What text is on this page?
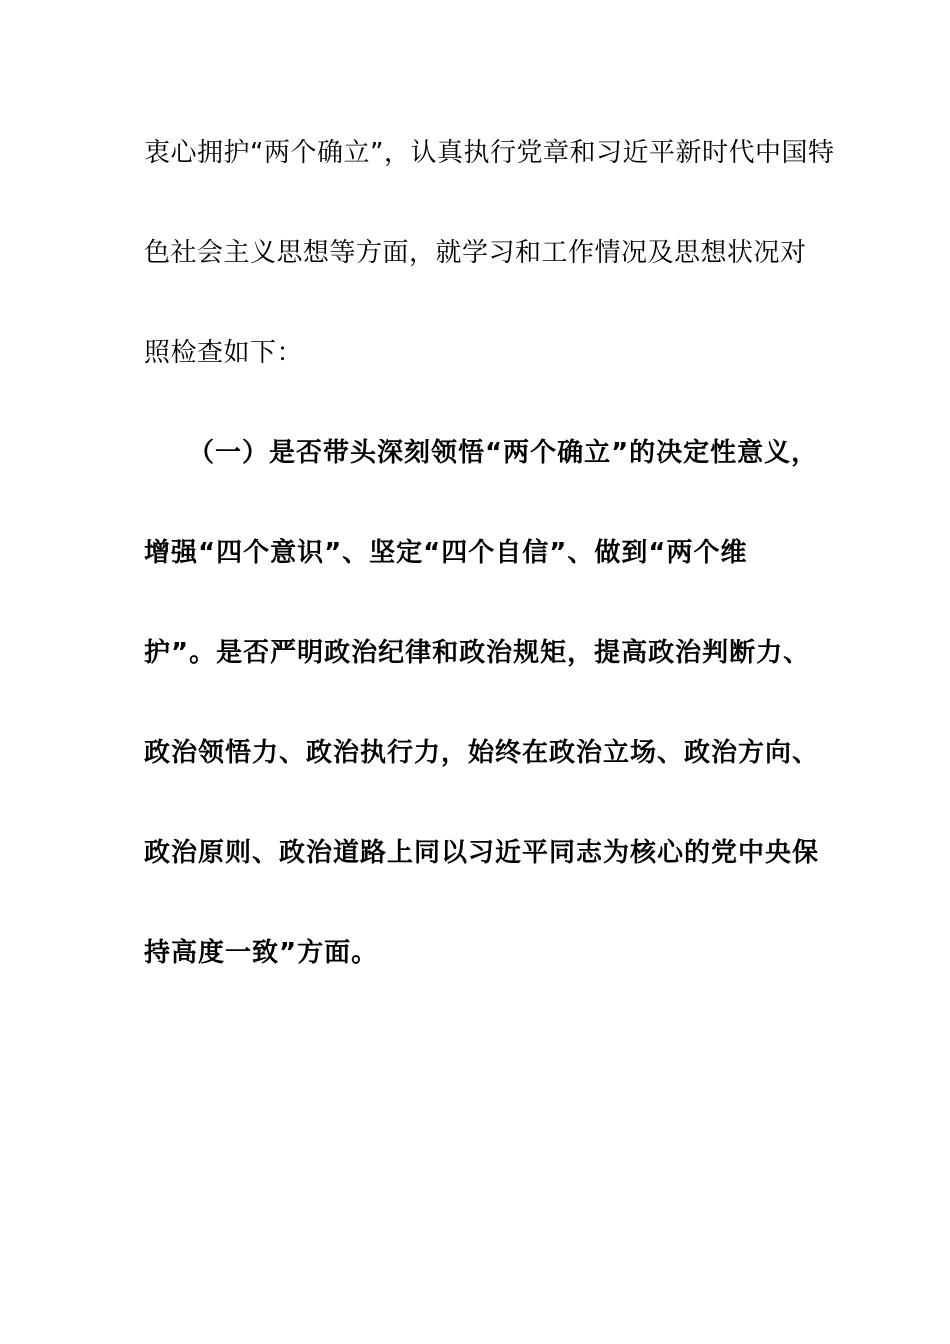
衷心拥护“两个确立”，认真执行党章和习近平新时代中国特
色社会主义思想等方面，就学习和工作情况及思想状况对
照检查如下：
（一）是否带头深刻领悟“两个确立”的决定性意义，
增强“四个意识”、坚定“四个自信”、做到“两个维
护”。是否严明政治纪律和政治规矩，提高政治判断力、
政治领悟力、政治执行力，始终在政治立场、政治方向、
政治原则、政治道路上同以习近平同志为核心的党中央保
持高度一致”方面。
